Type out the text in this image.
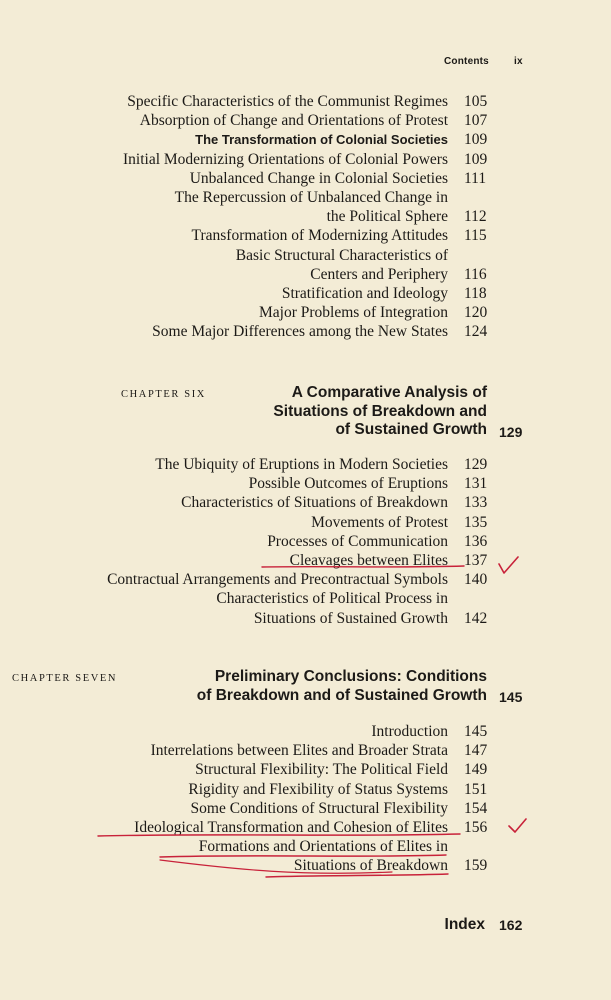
Contents	ix
Specific Characteristics of the Communist Regimes 105
Absorption of Change and Orientations of Protest 107
The Transformation of Colonial Societies 109
Initial Modernizing Orientations of Colonial Powers 109
Unbalanced Change in Colonial Societies 111
The Repercussion of Unbalanced Change in
the Political Sphere 112
Transformation of Modernizing Attitudes 115
Basic Structural Characteristics of
Centers and Periphery 116
Stratification and Ideology 118
Major Problems of Integration 120
Some Major Differences among the New States 124
CHAPTER SIX	A Comparative Analysis of
Situations of Breakdown and
of Sustained Growth 129
The Ubiquity of Eruptions in Modern Societies 129
Possible Outcomes of Eruptions 131
Characteristics of Situations of Breakdown 133
Movements of Protest 135
Processes of Communication 136
Cleavages between Elites 137
Contractual Arrangements and Precontractual Symbols 140
Characteristics of Political Process in
Situations of Sustained Growth 142
CHAPTER SEVEN	Preliminary Conclusions: Conditions
of Breakdown and of Sustained Growth 145
Introduction 145
Interrelations between Elites and Broader Strata 147
Structural Flexibility: The Political Field 149
Rigidity and Flexibility of Status Systems 151
Some Conditions of Structural Flexibility 154
Ideological Transformation and Cohesion of Elites 156
Formations and Orientations of Elites in
Situations of Breakdown 159
Index 162
